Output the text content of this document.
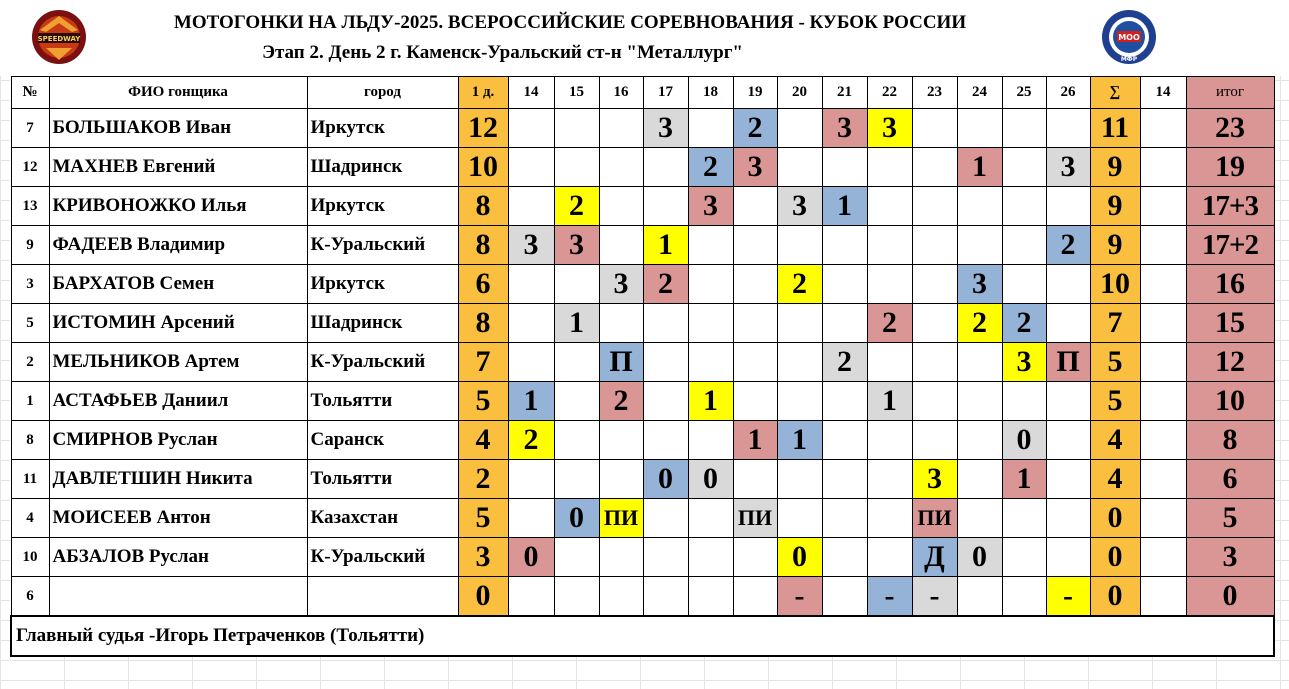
SPEEDWAY
МОТОГОНКИ НА ЛЬДУ-2025. ВСЕРОССИЙСКИЕ СОРЕВНОВАНИЯ - КУБОК РОССИИ
Этап 2. День 2 г. Каменск-Уральский ст-н "Металлург"
MOO
МФР
№	ФИО гонщика	город	1 д.	14	15	16	17	18	19	20	21	22	23	24	25	26	∑	14	итог
7	БОЛЬШАКОВ Иван	Иркутск	12				3		2		3	3					11		23
12	МАХНЕВ Евгений	Шадринск	10					2	3					1		3	9		19
13	КРИВОНОЖКО Илья	Иркутск	8		2			3		3	1						9		17+3
9	ФАДЕЕВ Владимир	К-Уральский	8	3	3		1									2	9		17+2
3	БАРХАТОВ Семен	Иркутск	6			3	2			2				3			10		16
5	ИСТОМИН Арсений	Шадринск	8		1							2		2	2		7		15
2	МЕЛЬНИКОВ Артем	К-Уральский	7			П					2				3	П	5		12
1	АСТАФЬЕВ Даниил	Тольятти	5	1		2		1				1					5		10
8	СМИРНОВ Руслан	Саранск	4	2					1	1					0		4		8
11	ДАВЛЕТШИН Никита	Тольятти	2				0	0					3		1		4		6
4	МОИСЕЕВ Антон	Казахстан	5		0	ПИ			ПИ				ПИ				0		5
10	АБЗАЛОВ Руслан	К-Уральский	3	0						0			Д	0			0		3
6			0							-		-	-			-	0		0
Главный судья -Игорь Петраченков (Тольятти)																			
